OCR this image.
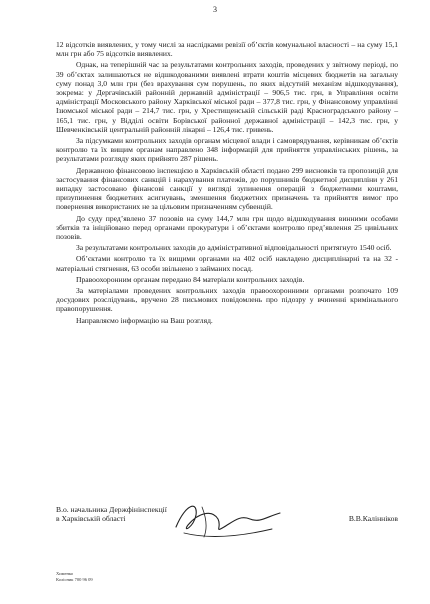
3

12 відсотків виявлених, у тому числі за наслідками ревізії об’єктів комунальної власності – на суму 15,1 млн грн або 75 відсотків виявлених.

Однак, на теперішній час за результатами контрольних заходів, проведених у звітному періоді, по 39 об’єктах залишаються не відшкодованими виявлені втрати коштів місцевих бюджетів на загальну суму понад 3,0 млн грн (без врахування сум порушень, по яких відсутній механізм відшкодування), зокрема: у Дергачівській районній державній адміністрації – 906,5 тис. грн, в Управління освіти адміністрації Московського району Харківської міської ради – 377,8 тис. грн, у Фінансовому управлінні Ізюмської міської ради – 214,7 тис. грн, у Хрестищенській сільській раді Красноградського району – 165,1 тис. грн, у Відділі освіти Борівської районної державної адміністрації – 142,3 тис. грн, у Шевченківській центральній районній лікарні – 126,4 тис. гривень.

За підсумками контрольних заходів органам місцевої влади і самоврядування, керівникам об’єктів контролю та їх вищим органам направлено 348 інформацій для прийняття управлінських рішень, за результатами розгляду яких прийнято 287 рішень.

Державною фінансовою інспекцією в Харківській області подано 299 висновків та пропозицій для застосування фінансових санкцій і нарахування платежів, до порушників бюджетної дисципліни у 261 випадку застосовано фінансові санкції у вигляді зупинення операцій з бюджетними коштами, призупинення бюджетних асигнувань, зменшення бюджетних призначень та прийняття вимог про повернення використаних не за цільовим призначенням субвенцій.

До суду пред’явлено 37 позовів на суму 144,7 млн грн щодо відшкодування винними особами збитків та ініційовано перед органами прокуратури і об’єктами контролю пред’явлення 25 цивільних позовів.

За результатами контрольних заходів до адміністративної відповідальності притягнуто 1540 осіб.

Об’єктами контролю та їх вищими органами на 402 осіб накладено дисциплінарні та на 32 - матеріальні стягнення, 63 особи звільнено з займаних посад.

Правоохоронним органам передано 84 матеріали контрольних заходів.

За матеріалами проведених контрольних заходів правоохоронними органами розпочато 109 досудових розслідувань, вручено 28 письмових повідомлень про підозру у вчиненні кримінального правопорушення.

Направляємо інформацію на Ваш розгляд.

В.о. начальника Держфінінспекції
в Харківській області	В.В.Калінніков
Хименко
Колісник 700 96 09
